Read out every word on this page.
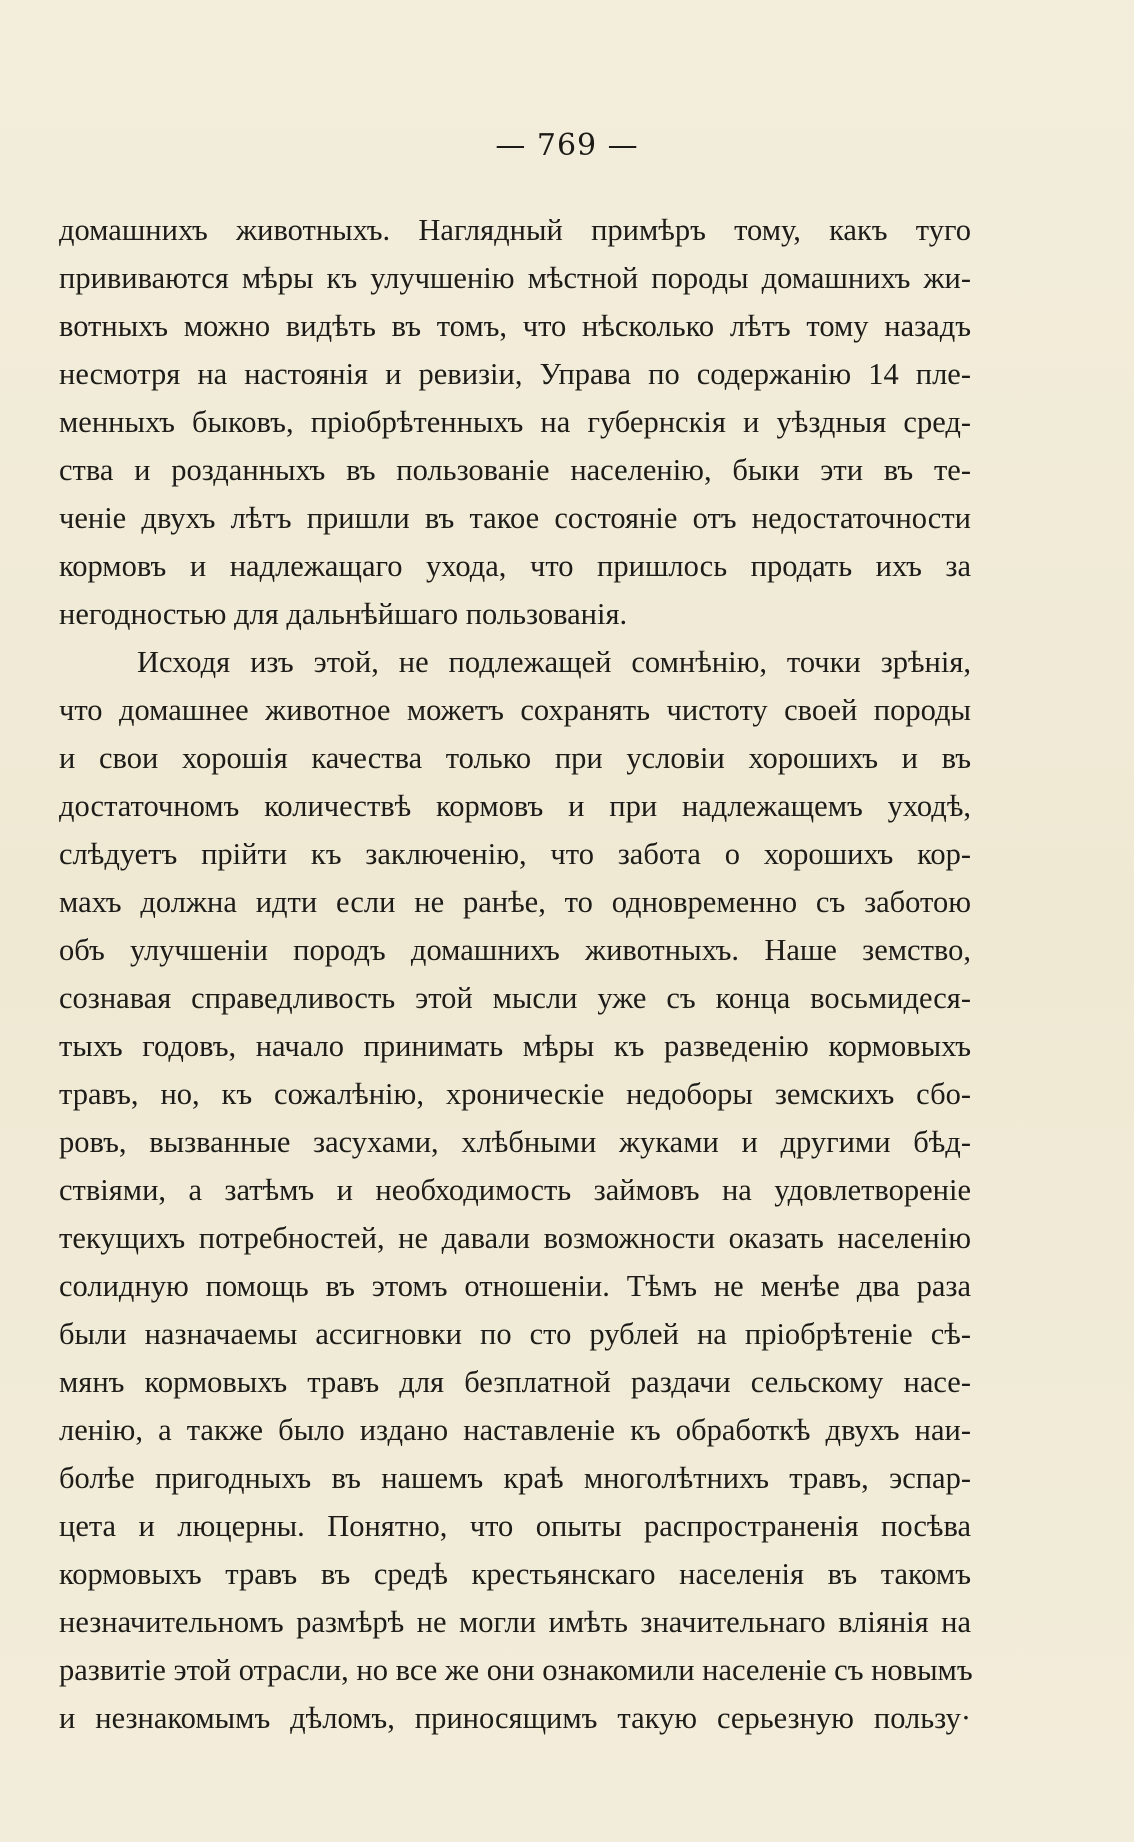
— 769 —
домашнихъ животныхъ. Наглядный примѣръ тому, какъ туго
прививаются мѣры къ улучшенію мѣстной породы домашнихъ жи-
вотныхъ можно видѣть въ томъ, что нѣсколько лѣтъ тому назадъ
несмотря на настоянія и ревизіи, Управа по содержанію 14 пле-
менныхъ быковъ, пріобрѣтенныхъ на губернскія и уѣздныя сред-
ства и розданныхъ въ пользованіе населенію, быки эти въ те-
ченіе двухъ лѣтъ пришли въ такое состояніе отъ недостаточности
кормовъ и надлежащаго ухода, что пришлось продать ихъ за
негодностью для дальнѣйшаго пользованія.
Исходя изъ этой, не подлежащей сомнѣнію, точки зрѣнія,
что домашнее животное можетъ сохранять чистоту своей породы
и свои хорошія качества только при условіи хорошихъ и въ
достаточномъ количествѣ кормовъ и при надлежащемъ уходѣ,
слѣдуетъ прійти къ заключенію, что забота о хорошихъ кор-
махъ должна идти если не ранѣе, то одновременно съ заботою
объ улучшеніи породъ домашнихъ животныхъ. Наше земство,
сознавая справедливость этой мысли уже съ конца восьмидеся-
тыхъ годовъ, начало принимать мѣры къ разведенію кормовыхъ
травъ, но, къ сожалѣнію, хроническіе недоборы земскихъ сбо-
ровъ, вызванные засухами, хлѣбными жуками и другими бѣд-
ствіями, а затѣмъ и необходимость займовъ на удовлетвореніе
текущихъ потребностей, не давали возможности оказать населенію
солидную помощь въ этомъ отношеніи. Тѣмъ не менѣе два раза
были назначаемы ассигновки по сто рублей на пріобрѣтеніе сѣ-
мянъ кормовыхъ травъ для безплатной раздачи сельскому насе-
ленію, а также было издано наставленіе къ обработкѣ двухъ наи-
болѣе пригодныхъ въ нашемъ краѣ многолѣтнихъ травъ, эспар-
цета и люцерны. Понятно, что опыты распространенія посѣва
кормовыхъ травъ въ средѣ крестьянскаго населенія въ такомъ
незначительномъ размѣрѣ не могли имѣть значительнаго вліянія на
развитіе этой отрасли, но все же они ознакомили населеніе съ новымъ
и незнакомымъ дѣломъ, приносящимъ такую серьезную пользу·
